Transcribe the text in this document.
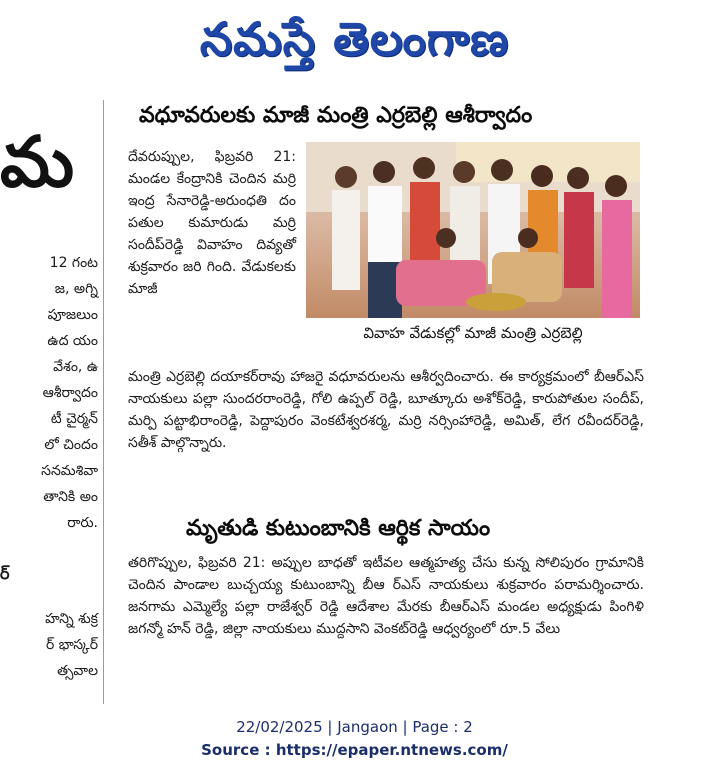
నమస్తే తెలంగాణ
మ
12 గంట
జ, అగ్ని
పూజలుం
ఉద యం
వేశం, ఉ
ఆశీర్వాదం
టీ చైర్మన్
లో చిందం
సనమశివా
తానికి అం
రారు.
ర్
హన్ని శుక్ర
ర్ భాస్కర్
త్సవాల
వధూవరులకు మాజీ మంత్రి ఎర్రబెల్లి ఆశీర్వాదం
దేవరుప్పుల, ఫిబ్రవరి 21: మండల కేంద్రానికి చెందిన మర్రి ఇంద్ర సేనారెడ్డి-అరుంధతి దం పతుల కుమారుడు మర్రి సందీప్‌రెడ్డి వివాహం దివ్యతో శుక్రవారం జరి గింది. వేడుకలకు మాజీ
వివాహ వేడుకల్లో మాజీ మంత్రి ఎర్రబెల్లి
మంత్రి ఎర్రబెల్లి దయాకర్‌రావు హాజరై వధూవరులను ఆశీర్వదించారు. ఈ కార్యక్రమంలో బీఆర్‌ఎస్ నాయకులు పల్లా సుందరరాంరెడ్డి, గోలి ఉప్పల్ రెడ్డి, బూత్కూరు అశోక్‌రెడ్డి, కారుపోతుల సందీప్, మర్పి పట్టాభిరాంరెడ్డి, పెద్దాపురం వెంకటేశ్వరశర్మ, మర్రి నర్సింహారెడ్డి, అమిత్, లేగ రవీందర్‌రెడ్డి, సతీశ్ పాల్గొన్నారు.
మృతుడి కుటుంబానికి ఆర్థిక సాయం
తరిగొప్పుల, ఫిబ్రవరి 21: అప్పుల బాధతో ఇటీవల ఆత్మహత్య చేసు కున్న సోలిపురం గ్రామానికి చెందిన పాండాల బుచ్చయ్య కుటుంబాన్ని బీఆ ర్‌ఎస్ నాయకులు శుక్రవారం పరామర్శించారు. జనగామ ఎమ్మెల్యే పల్లా రాజేశ్వర్ రెడ్డి ఆదేశాల మేరకు బీఆర్‌ఎస్ మండల అధ్యక్షుడు పింగిళి జగన్మో హన్ రెడ్డి, జిల్లా నాయకులు ముద్దసాని వెంకట్‌రెడ్డి ఆధ్వర్యంలో రూ.5 వేలు
22/02/2025 | Jangaon | Page : 2
Source : https://epaper.ntnews.com/
